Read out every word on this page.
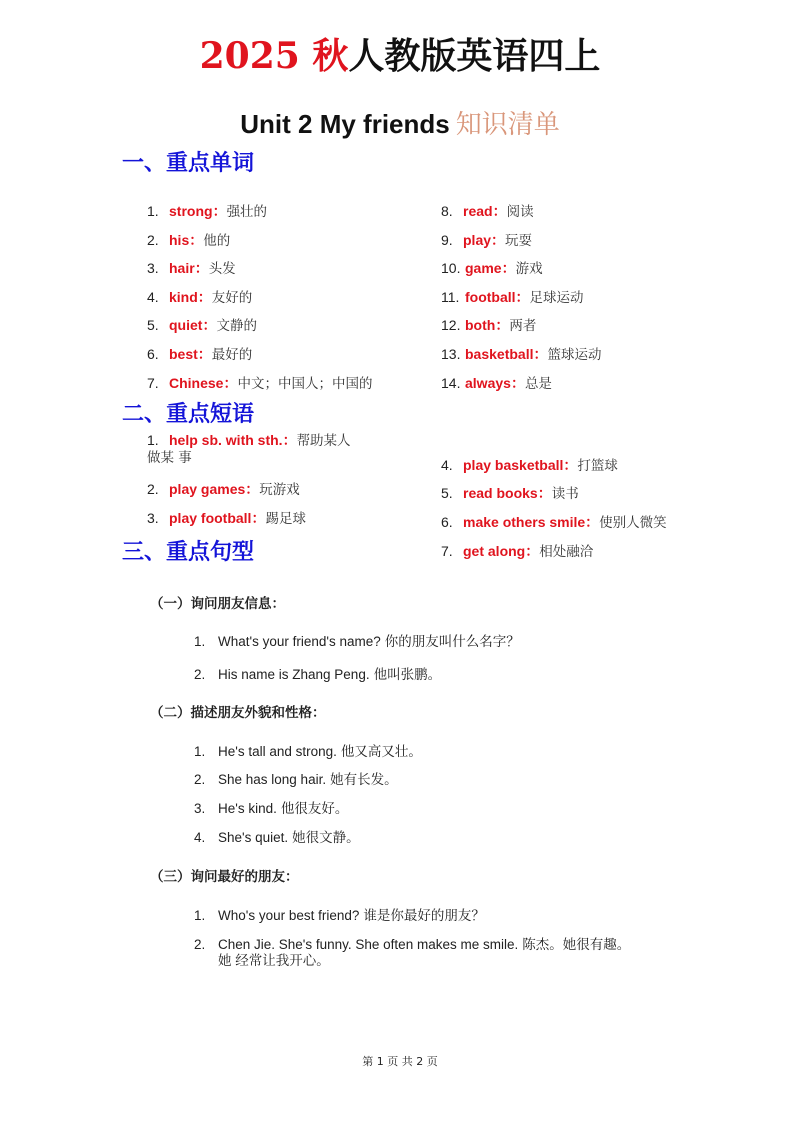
2025 秋人教版英语四上
Unit 2 My friends 知识清单
一、重点单词
1. strong：强壮的
2. his：他的
3. hair：头发
4. kind：友好的
5. quiet：文静的
6. best：最好的
7. Chinese：中文；中国人；中国的
8. read：阅读
9. play：玩耍
10. game：游戏
11. football：足球运动
12. both：两者
13. basketball：篮球运动
14. always：总是
二、重点短语
1. help sb. with sth.：帮助某人做某 事
2. play games：玩游戏
3. play football：踢足球
4. play basketball：打篮球
5. read books：读书
6. make others smile：使别人微笑
7. get along：相处融洽
三、重点句型
（一）询问朋友信息：
1. What's your friend's name? 你的朋友叫什么名字？
2. His name is Zhang Peng. 他叫张鹏。
（二）描述朋友外貌和性格：
1. He's tall and strong. 他又高又壮。
2. She has long hair. 她有长发。
3. He's kind. 他很友好。
4. She's quiet. 她很文静。
（三）询问最好的朋友：
1. Who's your best friend? 谁是你最好的朋友？
2. Chen Jie. She's funny. She often makes me smile. 陈杰。她很有趣。
她 经常让我开心。
第 1 页 共 2 页
